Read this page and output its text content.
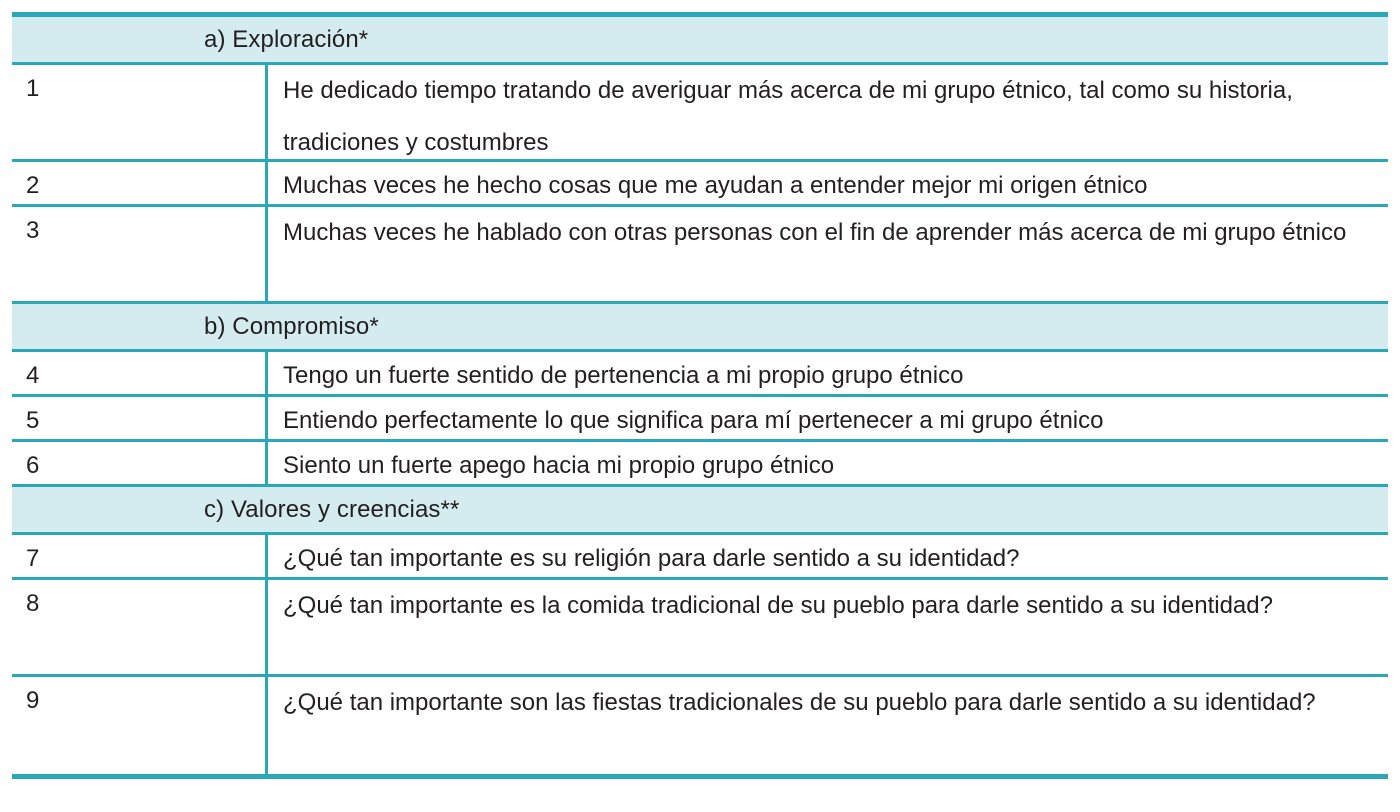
a) Exploración*
1	He dedicado tiempo tratando de averiguar más acerca de mi grupo étnico, tal como su historia, tradiciones y costumbres
2	Muchas veces he hecho cosas que me ayudan a entender mejor mi origen étnico
3	Muchas veces he hablado con otras personas con el fin de aprender más acerca de mi grupo étnico
b) Compromiso*
4	Tengo un fuerte sentido de pertenencia a mi propio grupo étnico
5	Entiendo perfectamente lo que significa para mí pertenecer a mi grupo étnico
6	Siento un fuerte apego hacia mi propio grupo étnico
c) Valores y creencias**
7	¿Qué tan importante es su religión para darle sentido a su identidad?
8	¿Qué tan importante es la comida tradicional de su pueblo para darle sentido a su identidad?
9	¿Qué tan importante son las fiestas tradicionales de su pueblo para darle sentido a su identidad?
